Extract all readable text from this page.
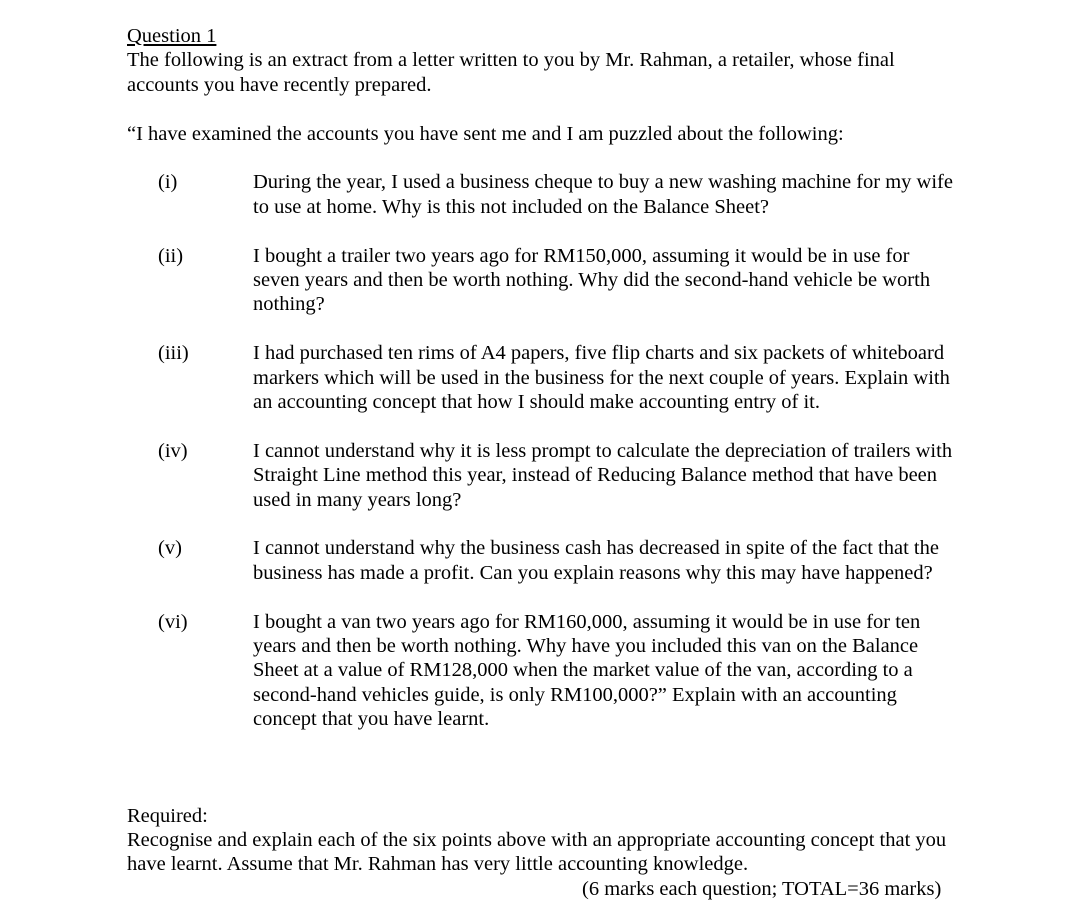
Question 1

The following is an extract from a letter written to you by Mr. Rahman, a retailer, whose final accounts you have recently prepared.

“I have examined the accounts you have sent me and I am puzzled about the following:

(i)	During the year, I used a business cheque to buy a new washing machine for my wife to use at home. Why is this not included on the Balance Sheet?
(ii)	I bought a trailer two years ago for RM150,000, assuming it would be in use for seven years and then be worth nothing. Why did the second-hand vehicle be worth nothing?
(iii)	I had purchased ten rims of A4 papers, five flip charts and six packets of whiteboard markers which will be used in the business for the next couple of years. Explain with an accounting concept that how I should make accounting entry of it.
(iv)	I cannot understand why it is less prompt to calculate the depreciation of trailers with Straight Line method this year, instead of Reducing Balance method that have been used in many years long?
(v)	I cannot understand why the business cash has decreased in spite of the fact that the business has made a profit. Can you explain reasons why this may have happened?
(vi)	I bought a van two years ago for RM160,000, assuming it would be in use for ten years and then be worth nothing. Why have you included this van on the Balance Sheet at a value of RM128,000 when the market value of the van, according to a second-hand vehicles guide, is only RM100,000?” Explain with an accounting concept that you have learnt.

Required:

Recognise and explain each of the six points above with an appropriate accounting concept that you have learnt. Assume that Mr. Rahman has very little accounting knowledge.

(6 marks each question; TOTAL=36 marks)
